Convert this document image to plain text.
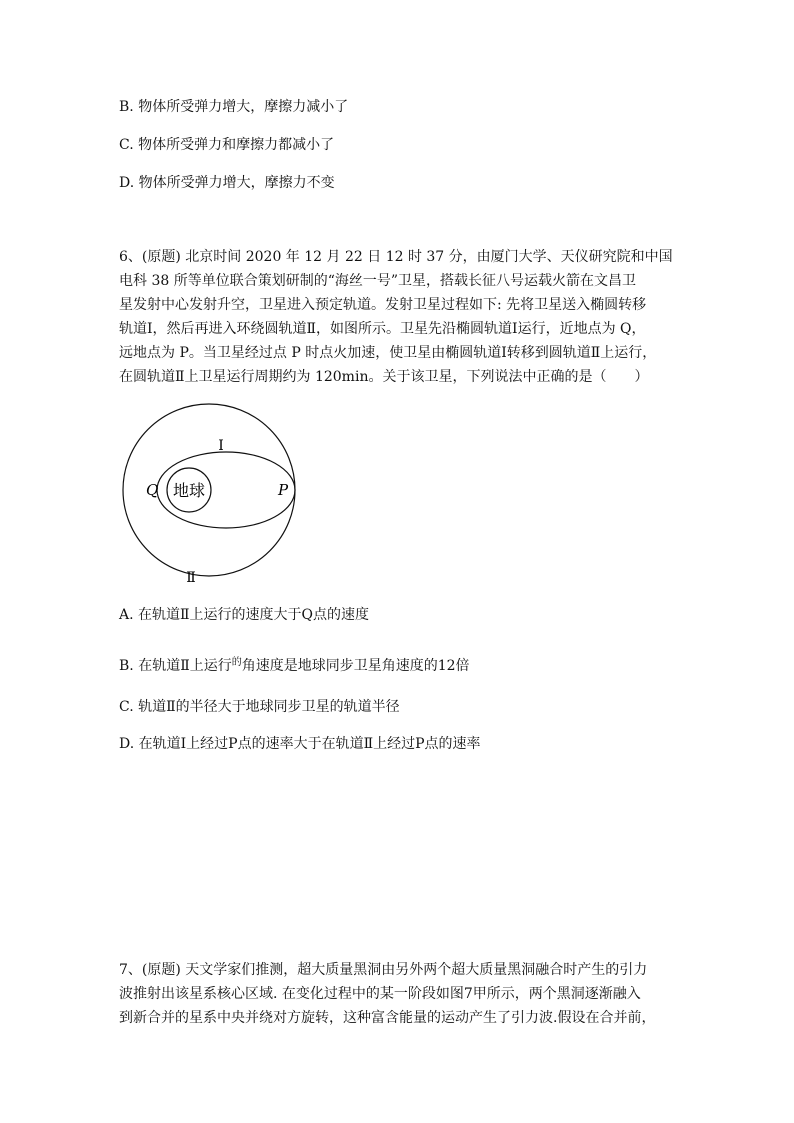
B. 物体所受弹力增大，摩擦力减小了
C. 物体所受弹力和摩擦力都减小了
D. 物体所受弹力增大，摩擦力不变

6、(原题) 北京时间 2020 年 12 月 22 日 12 时 37 分，由厦门大学、天仪研究院和中国

电科 38 所等单位联合策划研制的“海丝一号”卫星，搭载长征八号运载火箭在文昌卫

星发射中心发射升空，卫星进入预定轨道。发射卫星过程如下: 先将卫星送入椭圆转移

轨道Ⅰ，然后再进入环绕圆轨道Ⅱ，如图所示。卫星先沿椭圆轨道Ⅰ运行，近地点为 Q，

远地点为 P。当卫星经过点 P 时点火加速，使卫星由椭圆轨道Ⅰ转移到圆轨道Ⅱ上运行，

在圆轨道Ⅱ上卫星运行周期约为 120min。关于该卫星，下列说法中正确的是（　　）

地球
Ⅰ
Ⅱ
Q	P
A. 在轨道Ⅱ上运行的速度大于Q点的速度
B. 在轨道Ⅱ上运行$^的$角速度是地球同步卫星角速度的12倍
C. 轨道Ⅱ的半径大于地球同步卫星的轨道半径
D. 在轨道Ⅰ上经过P点的速率大于在轨道Ⅱ上经过P点的速率

7、(原题) 天文学家们推测，超大质量黑洞由另外两个超大质量黑洞融合时产生的引力

波推射出该星系核心区域. 在变化过程中的某一阶段如图7甲所示，两个黑洞逐渐融入

到新合并的星系中央并绕对方旋转，这种富含能量的运动产生了引力波.假设在合并前，
